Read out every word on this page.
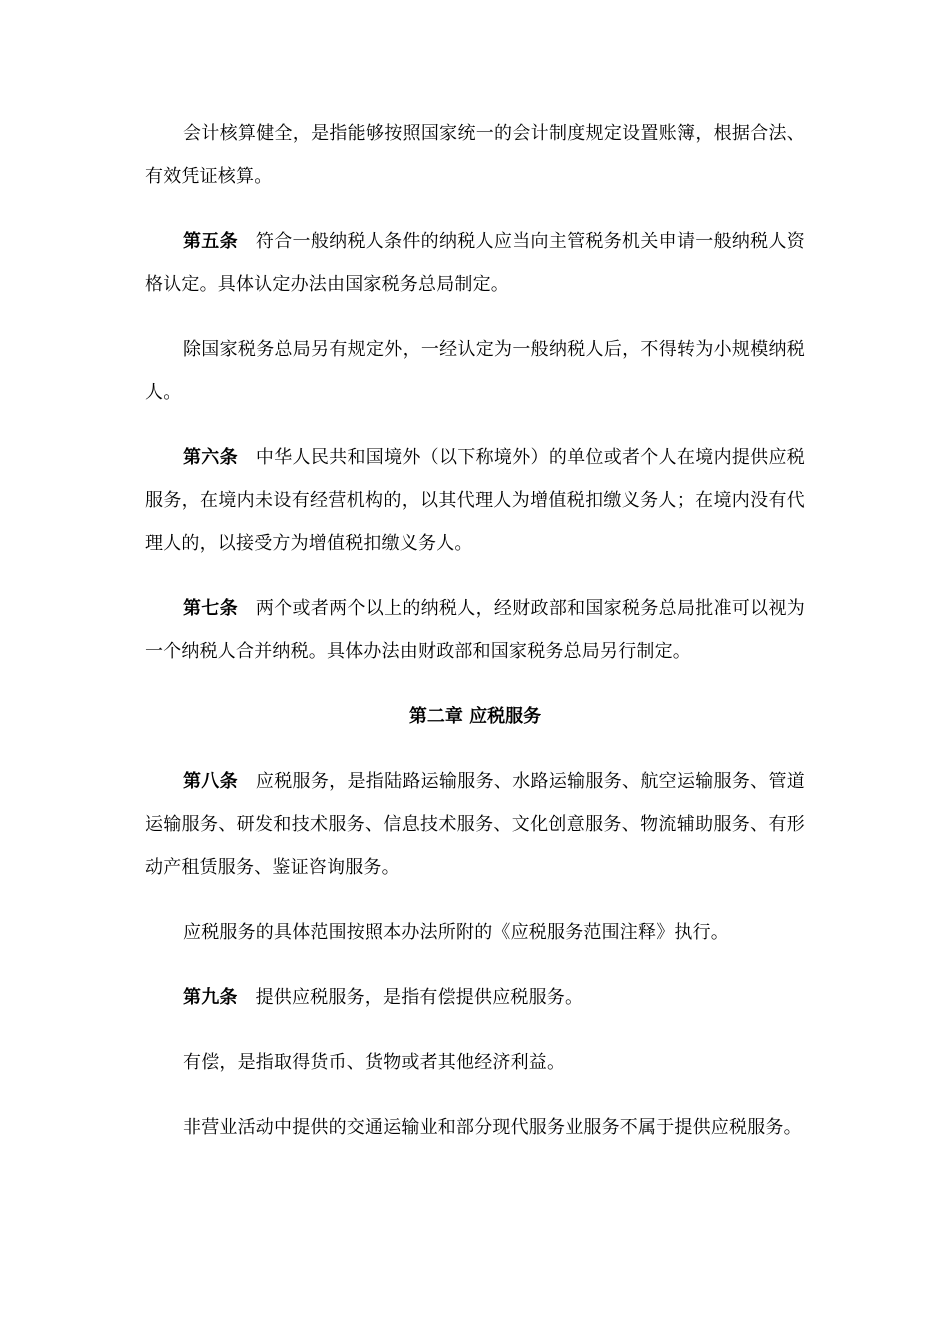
会计核算健全，是指能够按照国家统一的会计制度规定设置账簿，根据合法、有效凭证核算。

第五条 符合一般纳税人条件的纳税人应当向主管税务机关申请一般纳税人资格认定。具体认定办法由国家税务总局制定。

除国家税务总局另有规定外，一经认定为一般纳税人后，不得转为小规模纳税人。

第六条 中华人民共和国境外（以下称境外）的单位或者个人在境内提供应税服务，在境内未设有经营机构的，以其代理人为增值税扣缴义务人；在境内没有代理人的，以接受方为增值税扣缴义务人。

第七条 两个或者两个以上的纳税人，经财政部和国家税务总局批准可以视为一个纳税人合并纳税。具体办法由财政部和国家税务总局另行制定。

第二章 应税服务

第八条 应税服务，是指陆路运输服务、水路运输服务、航空运输服务、管道运输服务、研发和技术服务、信息技术服务、文化创意服务、物流辅助服务、有形动产租赁服务、鉴证咨询服务。

应税服务的具体范围按照本办法所附的《应税服务范围注释》执行。

第九条 提供应税服务，是指有偿提供应税服务。

有偿，是指取得货币、货物或者其他经济利益。

非营业活动中提供的交通运输业和部分现代服务业服务不属于提供应税服务。
